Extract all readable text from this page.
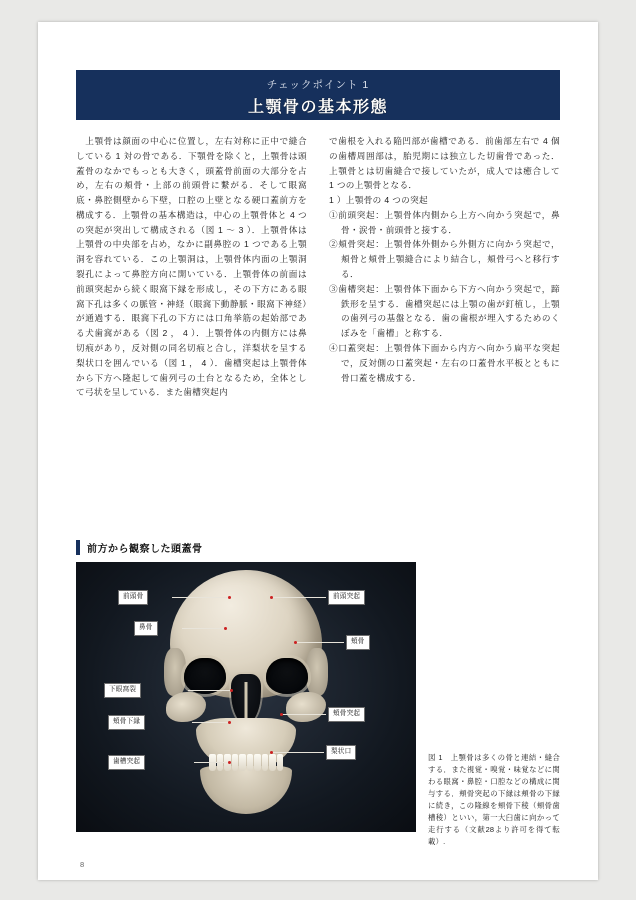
チェックポイント 1
上顎骨の基本形態

　上顎骨は顔面の中心に位置し，左右対称に正中で縫合している 1 対の骨である．下顎骨を除くと，上顎骨は頭蓋骨のなかでもっとも大きく，頭蓋骨前面の大部分を占め，左右の頬骨・上部の前頭骨に繋がる．そして眼窩底・鼻腔側壁から下壁，口腔の上壁となる硬口蓋前方を構成する．上顎骨の基本構造は，中心の上顎骨体と 4 つの突起が突出して構成される（図 1 〜 3 ）．上顎骨体は上顎骨の中央部を占め，なかに副鼻腔の 1 つである上顎洞を容れている．この上顎洞は，上顎骨体内面の上顎洞裂孔によって鼻腔方向に開いている．上顎骨体の前面は前頭突起から続く眼窩下縁を形成し，その下方にある眼窩下孔は多くの脈管・神経（眼窩下動静脈・眼窩下神経）が通過する．眼窩下孔の下方には口角挙筋の起始部である犬歯窩がある（図 2 ， 4 ）．上顎骨体の内側方には鼻切痕があり，反対側の同名切痕と合し，洋梨状を呈する梨状口を囲んでいる（図 1 ， 4 ）．歯槽突起は上顎骨体から下方へ隆起して歯列弓の土台となるため，全体として弓状を呈している．また歯槽突起内

で歯根を入れる陥凹部が歯槽である．前歯部左右で 4 個の歯槽周囲部は，胎児期には独立した切歯骨であった．上顎骨とは切歯縫合で接していたが，成人では癒合して 1 つの上顎骨となる．

1 ）上顎骨の 4 つの突起

①前頭突起：上顎骨体内側から上方へ向かう突起で，鼻骨・涙骨・前頭骨と接する．

②頬骨突起：上顎骨体外側から外側方に向かう突起で，頬骨と頬骨上顎縫合により結合し，頬骨弓へと移行する．

③歯槽突起：上顎骨体下面から下方へ向かう突起で，蹄鉄形を呈する．歯槽突起には上顎の歯が釘植し，上顎の歯列弓の基盤となる．歯の歯根が埋入するためのくぼみを「歯槽」と称する．

④口蓋突起：上顎骨体下面から内方へ向かう扁平な突起で，反対側の口蓋突起・左右の口蓋骨水平板とともに骨口蓋を構成する．

前方から観察した頭蓋骨
前頭骨
鼻骨
下眼窩裂
頬骨下縁
歯槽突起
前頭突起
頬骨
頬骨突起
梨状口
図 1　上顎骨は多くの骨と連結・縫合する．また視覚・嗅覚・味覚などに関わる眼窩・鼻腔・口腔などの構成に関与する．頬骨突起の下縁は頬骨の下縁に続き，この隆線を頬骨下稜（頬骨歯槽稜）といい，第一大臼歯に向かって走行する（文献28より許可を得て転載）.
8
